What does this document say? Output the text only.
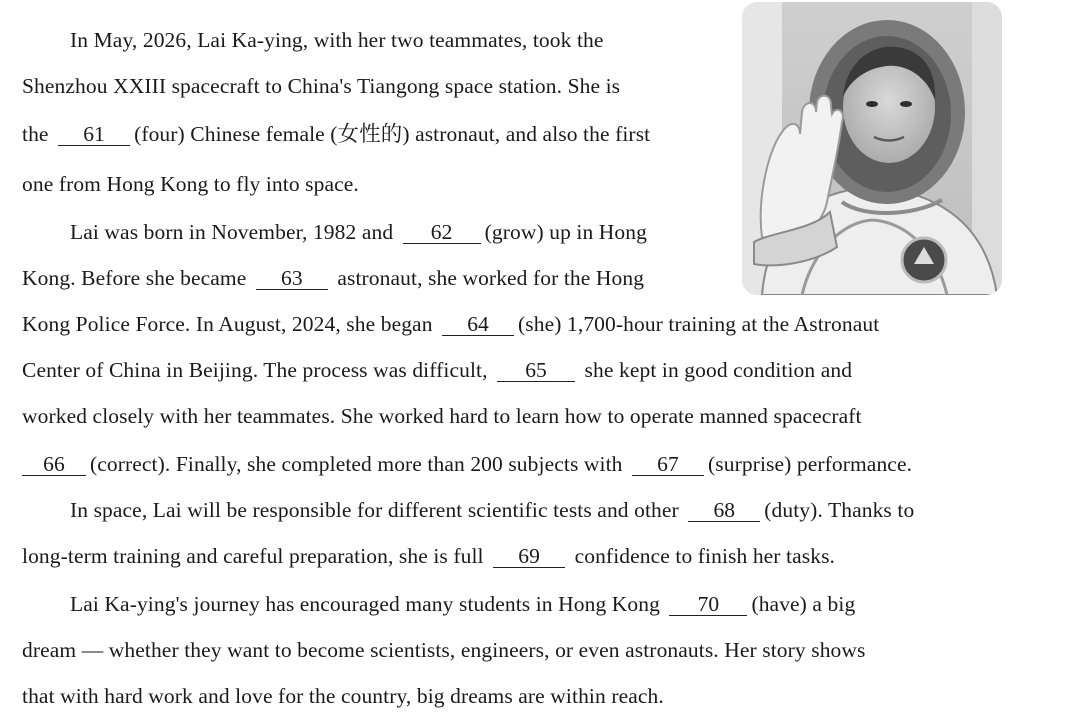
In May, 2026, Lai Ka-ying, with her two teammates, took the
Shenzhou XXIII spacecraft to China's Tiangong space station. She is
the 61 (four) Chinese female (女性的) astronaut, and also the first
one from Hong Kong to fly into space.
Lai was born in November, 1982 and 62 (grow) up in Hong
Kong. Before she became 63 astronaut, she worked for the Hong
Kong Police Force. In August, 2024, she began 64 (she) 1,700-hour training at the Astronaut
Center of China in Beijing. The process was difficult, 65 she kept in good condition and
worked closely with her teammates. She worked hard to learn how to operate manned spacecraft
66 (correct). Finally, she completed more than 200 subjects with 67 (surprise) performance.
In space, Lai will be responsible for different scientific tests and other 68 (duty). Thanks to
long-term training and careful preparation, she is full 69 confidence to finish her tasks.
Lai Ka-ying's journey has encouraged many students in Hong Kong 70 (have) a big
dream — whether they want to become scientists, engineers, or even astronauts. Her story shows
that with hard work and love for the country, big dreams are within reach.
